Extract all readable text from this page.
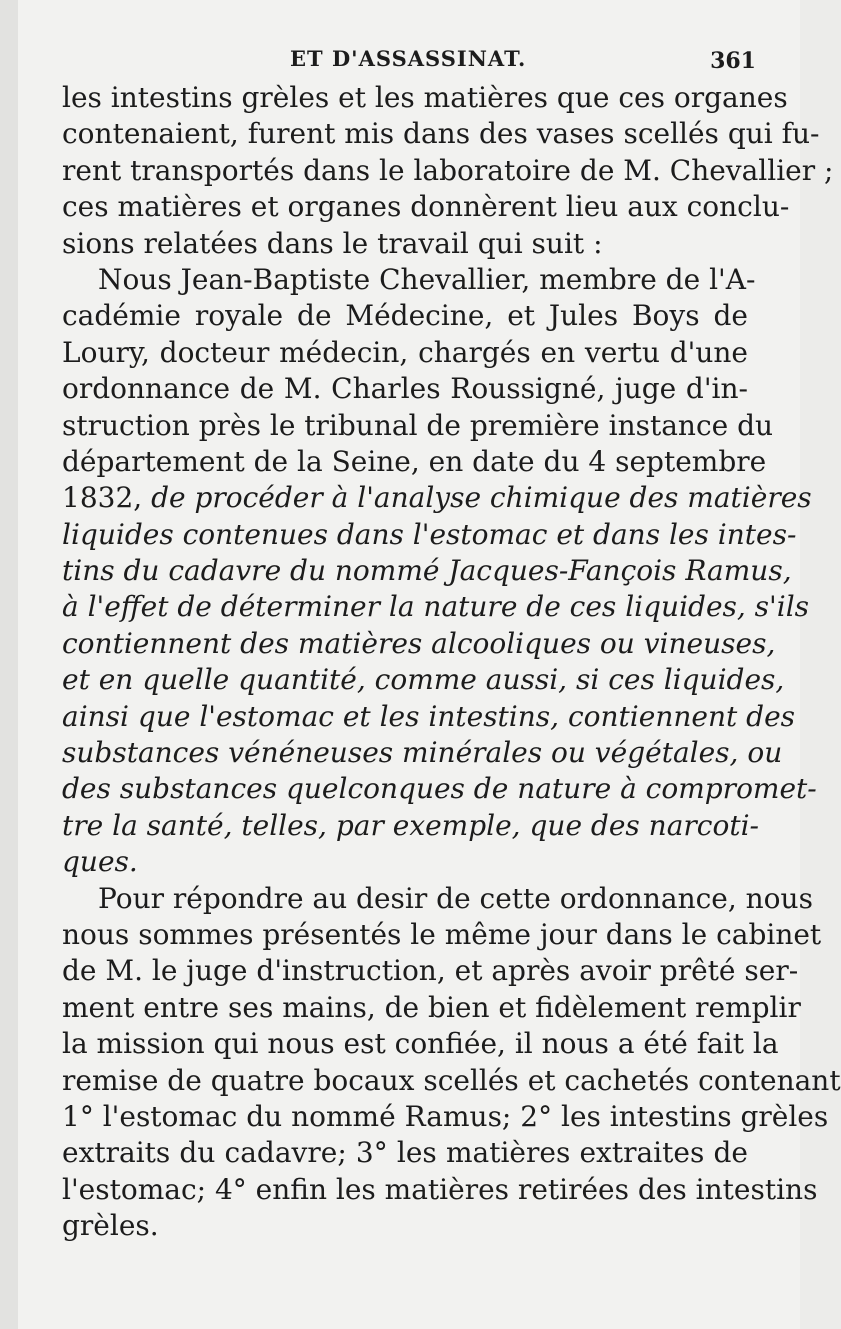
ET D'ASSASSINAT.	361
les intestins grèles et les matières que ces organes
contenaient, furent mis dans des vases scellés qui fu-
rent transportés dans le laboratoire de M. Chevallier ;
ces matières et organes donnèrent lieu aux conclu-
sions relatées dans le travail qui suit :
Nous Jean-Baptiste Chevallier, membre de l'A-
cadémie royale de Médecine, et Jules Boys de
Loury, docteur médecin, chargés en vertu d'une
ordonnance de M. Charles Roussigné, juge d'in-
struction près le tribunal de première instance du
département de la Seine, en date du 4 septembre
1832, de procéder à l'analyse chimique des matières
liquides contenues dans l'estomac et dans les intes-
tins du cadavre du nommé Jacques-Fançois Ramus,
à l'effet de déterminer la nature de ces liquides, s'ils
contiennent des matières alcooliques ou vineuses,
et en quelle quantité, comme aussi, si ces liquides,
ainsi que l'estomac et les intestins, contiennent des
substances vénéneuses minérales ou végétales, ou
des substances quelconques de nature à compromet-
tre la santé, telles, par exemple, que des narcoti-
ques.
Pour répondre au desir de cette ordonnance, nous
nous sommes présentés le même jour dans le cabinet
de M. le juge d'instruction, et après avoir prêté ser-
ment entre ses mains, de bien et fidèlement remplir
la mission qui nous est confiée, il nous a été fait la
remise de quatre bocaux scellés et cachetés contenant
1° l'estomac du nommé Ramus; 2° les intestins grèles
extraits du cadavre; 3° les matières extraites de
l'estomac; 4° enfin les matières retirées des intestins
grèles.
